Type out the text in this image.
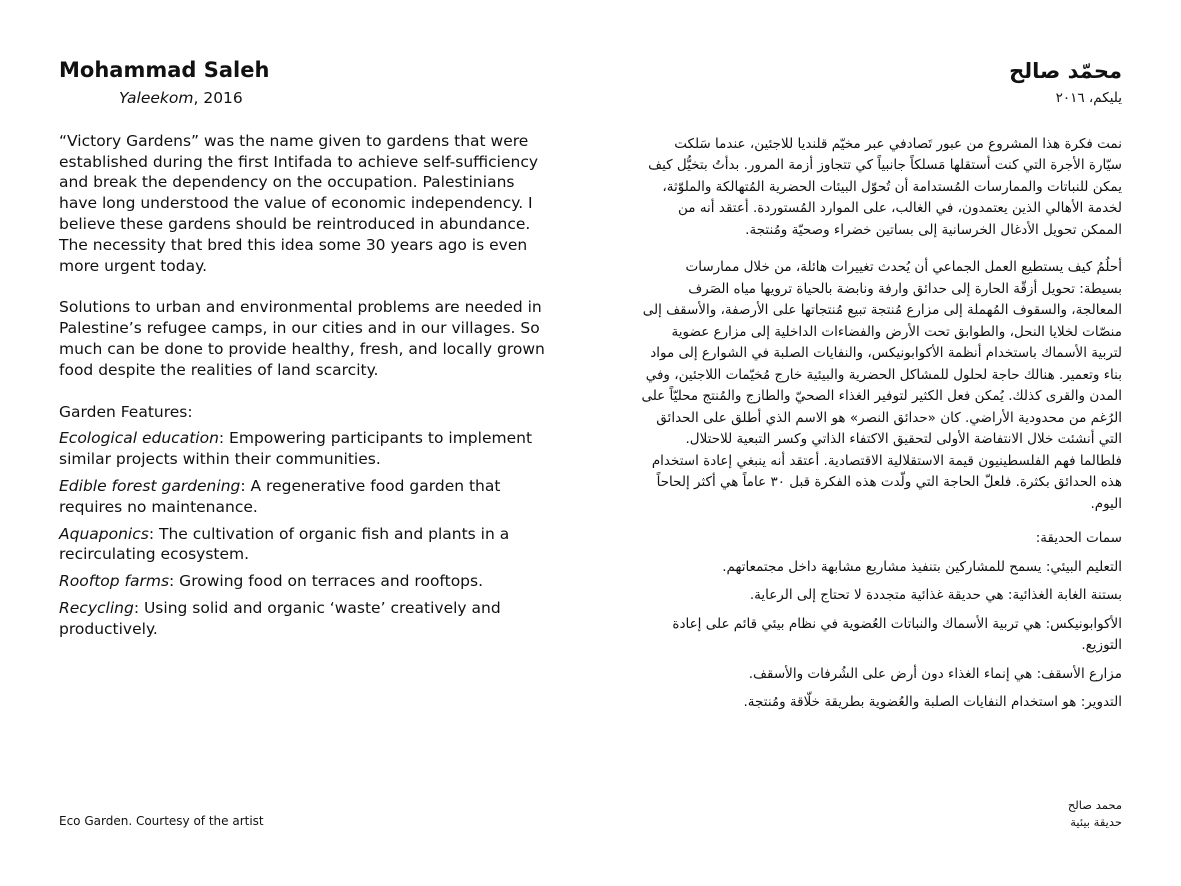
Mohammad Saleh
Yaleekom, 2016

“Victory Gardens” was the name given to gardens that were established during the first Intifada to achieve self-sufficiency and break the dependency on the occupation. Palestinians have long understood the value of economic independency. I believe these gardens should be reintroduced in abundance. The necessity that bred this idea some 30 years ago is even more urgent today.

Solutions to urban and environmental problems are needed in Palestine’s refugee camps, in our cities and in our villages. So much can be done to provide healthy, fresh, and locally grown food despite the realities of land scarcity.

Garden Features:

Ecological education: Empowering participants to implement similar projects within their communities.

Edible forest gardening: A regenerative food garden that requires no maintenance.

Aquaponics: The cultivation of organic fish and plants in a recirculating ecosystem.

Rooftop farms: Growing food on terraces and rooftops.

Recycling: Using solid and organic ‘waste’ creatively and productively.

محمّد صالح

يليكم، ٢٠١٦

نمت فكرة هذا المشروع من عبور تَصادفي عبر مخيّم قلنديا للاجئين، عندما سَلكت سيّارة الأجرة التي كنت أستقلها مَسلكاً جانبياً كي تتجاوز أزمة المرور. بدأتُ بتخيُّل كيف يمكن للنباتات والممارسات المُستدامة أن تُحوّل البيئات الحضرية المُتهالكة والملوّثة، لخدمة الأهالي الذين يعتمدون، في الغالب، على الموارد المُستوردة. أعتقد أنه من الممكن تحويل الأدغال الخرسانية إلى بساتين خضراء وصحيّة ومُنتجة.

أحلُمُ كيف يستطيع العمل الجماعي أن يُحدث تغييرات هائلة، من خلال ممارسات بسيطة: تحويل أزقّة الحارة إلى حدائق وارفة ونابضة بالحياة ترويها مياه الصَرف المعالجة، والسقوف المُهملة إلى مزارع مُنتجة تبيع مُنتجاتها على الأرصفة، والأسقف إلى منصّات لخلايا النحل، والطوابق تحت الأرض والفضاءات الداخلية إلى مزارع عضوية لتربية الأسماك باستخدام أنظمة الأكوابونيكس، والنفايات الصلبة في الشوارع إلى مواد بناء وتعمير. هنالك حاجة لحلول للمشاكل الحضرية والبيئية خارج مُخيّمات اللاجئين، وفي المدن والقرى كذلك. يُمكن فعل الكثير لتوفير الغذاء الصحيّ والطازج والمُنتج محليّاً على الرُغم من محدودية الأراضي. كان «حدائق النصر» هو الاسم الذي أطلق على الحدائق التي أنشئت خلال الانتفاضة الأولى لتحقيق الاكتفاء الذاتي وكسر التبعية للاحتلال. فلطالما فهم الفلسطينيون قيمة الاستقلالية الاقتصادية. أعتقد أنه ينبغي إعادة استخدام هذه الحدائق بكثرة. فلعلّ الحاجة التي ولّدت هذه الفكرة قبل ٣٠ عاماً هي أكثر إلحاحاً اليوم.

سمات الحديقة:

التعليم البيئي: يسمح للمشاركين بتنفيذ مشاريع مشابهة داخل مجتمعاتهم.

بستنة الغابة الغذائية: هي حديقة غذائية متجددة لا تحتاج إلى الرعاية.

الأكوابونيكس: هي تربية الأسماك والنباتات العُضوية في نظام بيئي قائم على إعادة التوزيع.

مزارع الأسقف: هي إنماء الغذاء دون أرض على الشُرفات والأسقف.

التدوير: هو استخدام النفايات الصلبة والعُضوية بطريقة خلّاقة ومُنتجة.

Eco Garden. Courtesy of the artist
محمد صالح
حديقة بيئية
